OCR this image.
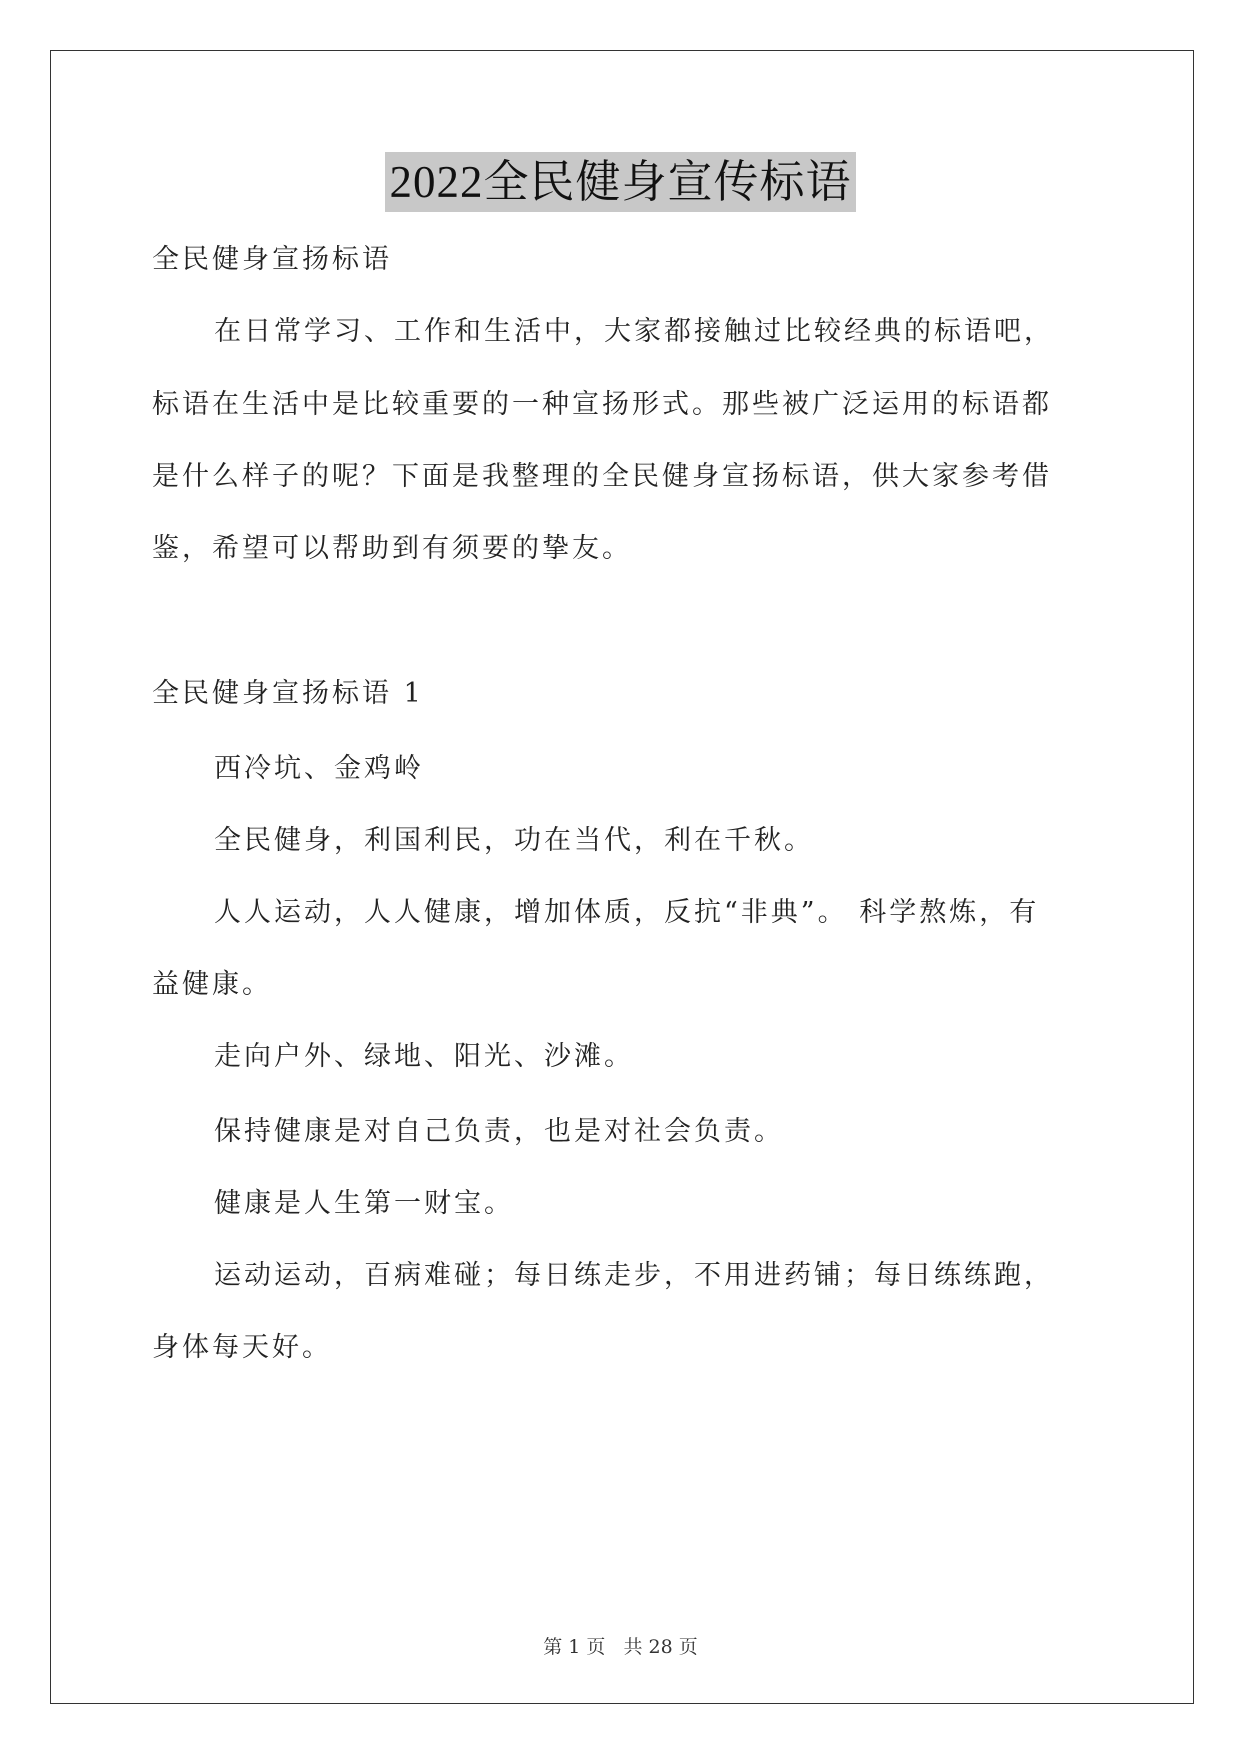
2022全民健身宣传标语
全民健身宣扬标语
在日常学习、工作和生活中，大家都接触过比较经典的标语吧，
标语在生活中是比较重要的一种宣扬形式。那些被广泛运用的标语都
是什么样子的呢？下面是我整理的全民健身宣扬标语，供大家参考借
鉴，希望可以帮助到有须要的挚友。
全民健身宣扬标语 1
西冷坑、金鸡岭
全民健身，利国利民，功在当代，利在千秋。
人人运动，人人健康，增加体质，反抗“非典”。 科学熬炼，有
益健康。
走向户外、绿地、阳光、沙滩。
保持健康是对自己负责，也是对社会负责。
健康是人生第一财宝。
运动运动，百病难碰；每日练走步，不用进药铺；每日练练跑，
身体每天好。
第 1 页 共 28 页
